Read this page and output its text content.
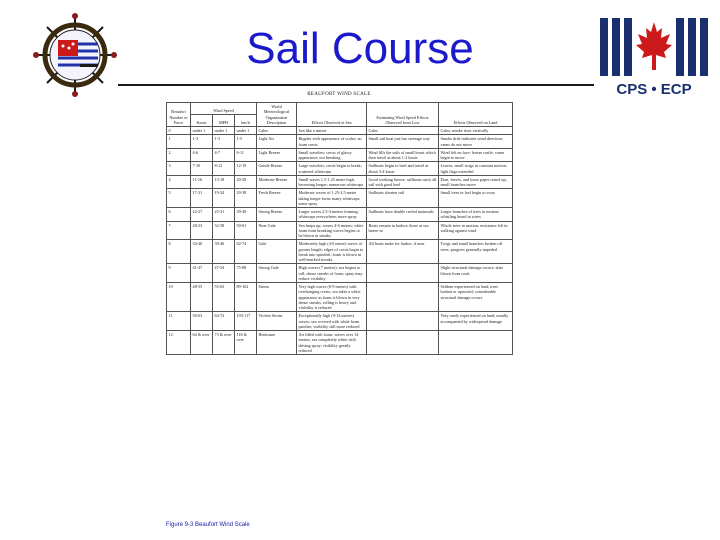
Sail Course
CPS • ECP
BEAUFORT WIND SCALE
Beaufort Number or Force	Wind Speed			World Meteorological Organization Description	Effects Observed at Sea	Estimating Wind Speed Effects Observed from Low	Effects Observed on Land
	Knots	MPH	km/h				
0	under 1	under 1	under 1	Calm	Sea like a mirror	Calm	Calm; smoke rises vertically
1	1-3	1-3	1-5	Light Air	Ripples with appearance of scales; no foam crests	Small sail boat just has steerage way	Smoke drift indicates wind direction; vanes do not move
2	4-6	4-7	6-11	Light Breeze	Small wavelets; crests of glassy appearance, not breaking	Wind fills the sails of small boats which then travel at about 1-2 knots	Wind felt on face; leaves rustle; vanes begin to move
3	7-10	8-12	12-19	Gentle Breeze	Large wavelets; crests begin to break; scattered whitecaps	Sailboats begin to heel and travel at about 3-4 knots	Leaves, small twigs in constant motion; light flags extended
4	11-16	13-18	20-28	Moderate Breeze	Small waves 1.5-1.25 metre high, becoming longer; numerous whitecaps	Good working breeze, sailboats carry all sail with good heel	Dust, leaves, and loose paper raised up; small branches move
5	17-21	19-24	29-38	Fresh Breeze	Moderate waves of 1.25-2.5 metre taking longer form; many whitecaps; some spray	Sailboats shorten sail	Small trees in leaf begin to sway
6	22-27	25-31	39-49	Strong Breeze	Larger waves 2.5-4 metres forming; whitecaps everywhere; more spray	Sailboats have double reefed mainsails	Larger branches of trees in motion; whistling heard in wires
7	28-33	32-38	50-61	Near Gale	Sea heaps up; waves 4-6 metres; white foam from breaking waves begins to be blown in streaks	Boats remain in harbor; those at sea heave-to	Whole trees in motion; resistance felt in walking against wind
8	34-40	39-46	62-74	Gale	Moderately high (4-6 metre) waves of greater length; edges of crests begin to break into spindrift; foam is blown in well-marked streaks	All boats make for harbor, if near	Twigs and small branches broken off trees; progress generally impeded
9	41-47	47-54	75-88	Strong Gale	High waves (7 metres); sea begins to roll; dense streaks of foam; spray may reduce visibility		Slight structural damage occurs; slate blown from roofs
10	48-55	55-63	89-102	Storm	Very high waves (6-9 metres) with overhanging crests; sea takes a white appearance as foam is blown in very dense streaks; rolling is heavy and visibility is reduced		Seldom experienced on land; trees broken or uprooted; considerable structural damage occurs
11	56-63	64-72	103-117	Violent Storm	Exceptionally high (9-14 metres) waves; sea covered with white foam patches; visibility still more reduced		Very rarely experienced on land; usually accompanied by widespread damage
12	64 & over	73 & over	118 & over	Hurricane	Air filled with foam; waves over 14 metres; sea completely white with driving spray; visibility greatly reduced		
Figure 9-3 Beaufort Wind Scale
